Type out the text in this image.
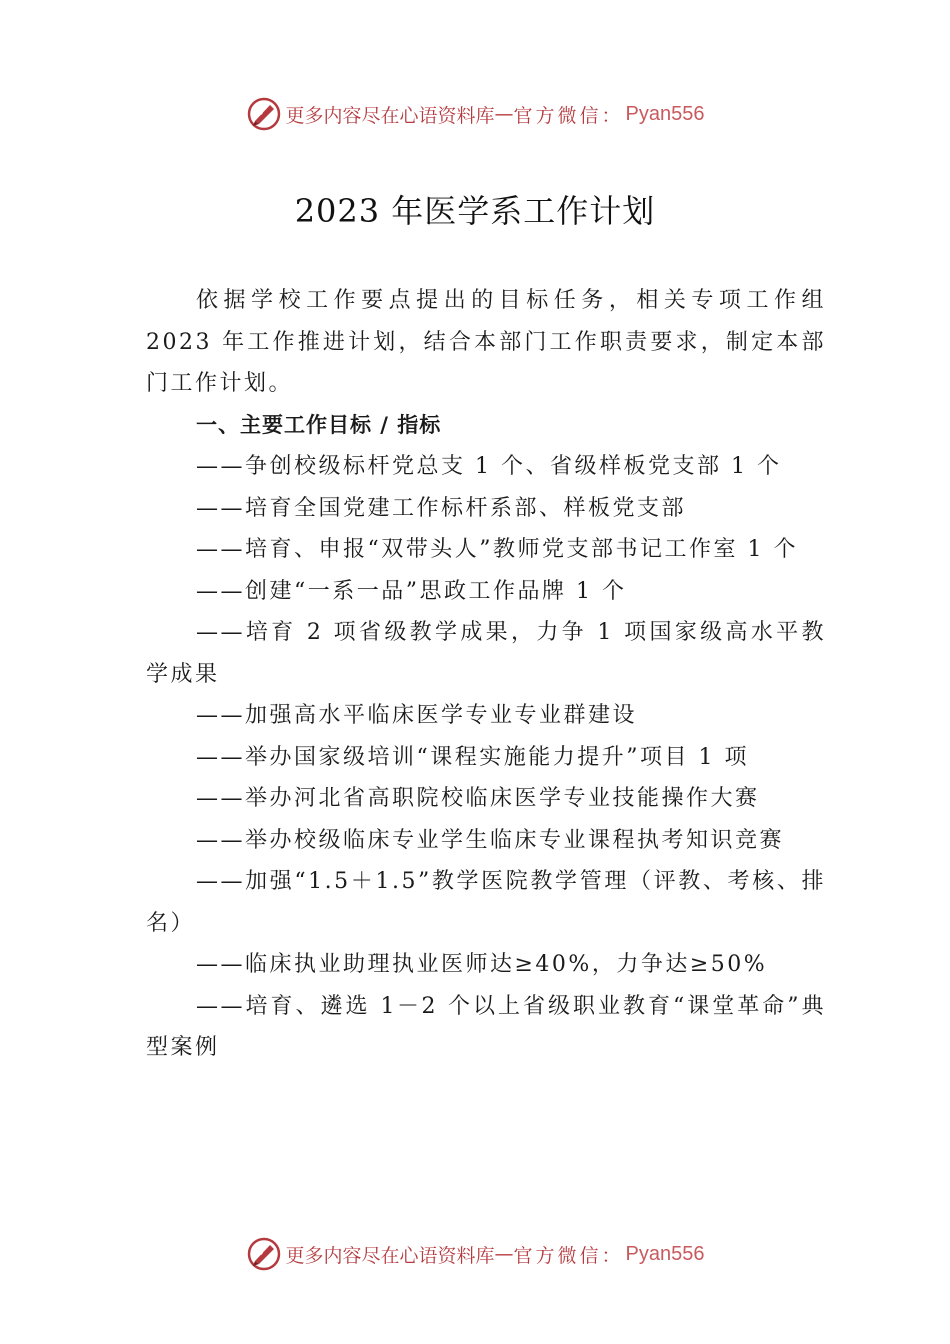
更多内容尽在心语资料库 — 官方微信： Pyan556
2023 年医学系工作计划

依据学校工作要点提出的目标任务，相关专项工作组 2023 年工作推进计划，结合本部门工作职责要求，制定本部门工作计划。

一、主要工作目标 / 指标

——争创校级标杆党总支 1 个、省级样板党支部 1 个

——培育全国党建工作标杆系部、样板党支部

——培育、申报“双带头人”教师党支部书记工作室 1 个

——创建“一系一品”思政工作品牌 1 个

——培育 2 项省级教学成果，力争 1 项国家级高水平教学成果

——加强高水平临床医学专业专业群建设

——举办国家级培训“课程实施能力提升”项目 1 项

——举办河北省高职院校临床医学专业技能操作大赛

——举办校级临床专业学生临床专业课程执考知识竞赛

——加强“1.5＋1.5”教学医院教学管理（评教、考核、排名）

——临床执业助理执业医师达≥40%，力争达≥50%

——培育、遴选 1－2 个以上省级职业教育“课堂革命”典型案例

更多内容尽在心语资料库 — 官方微信： Pyan556
